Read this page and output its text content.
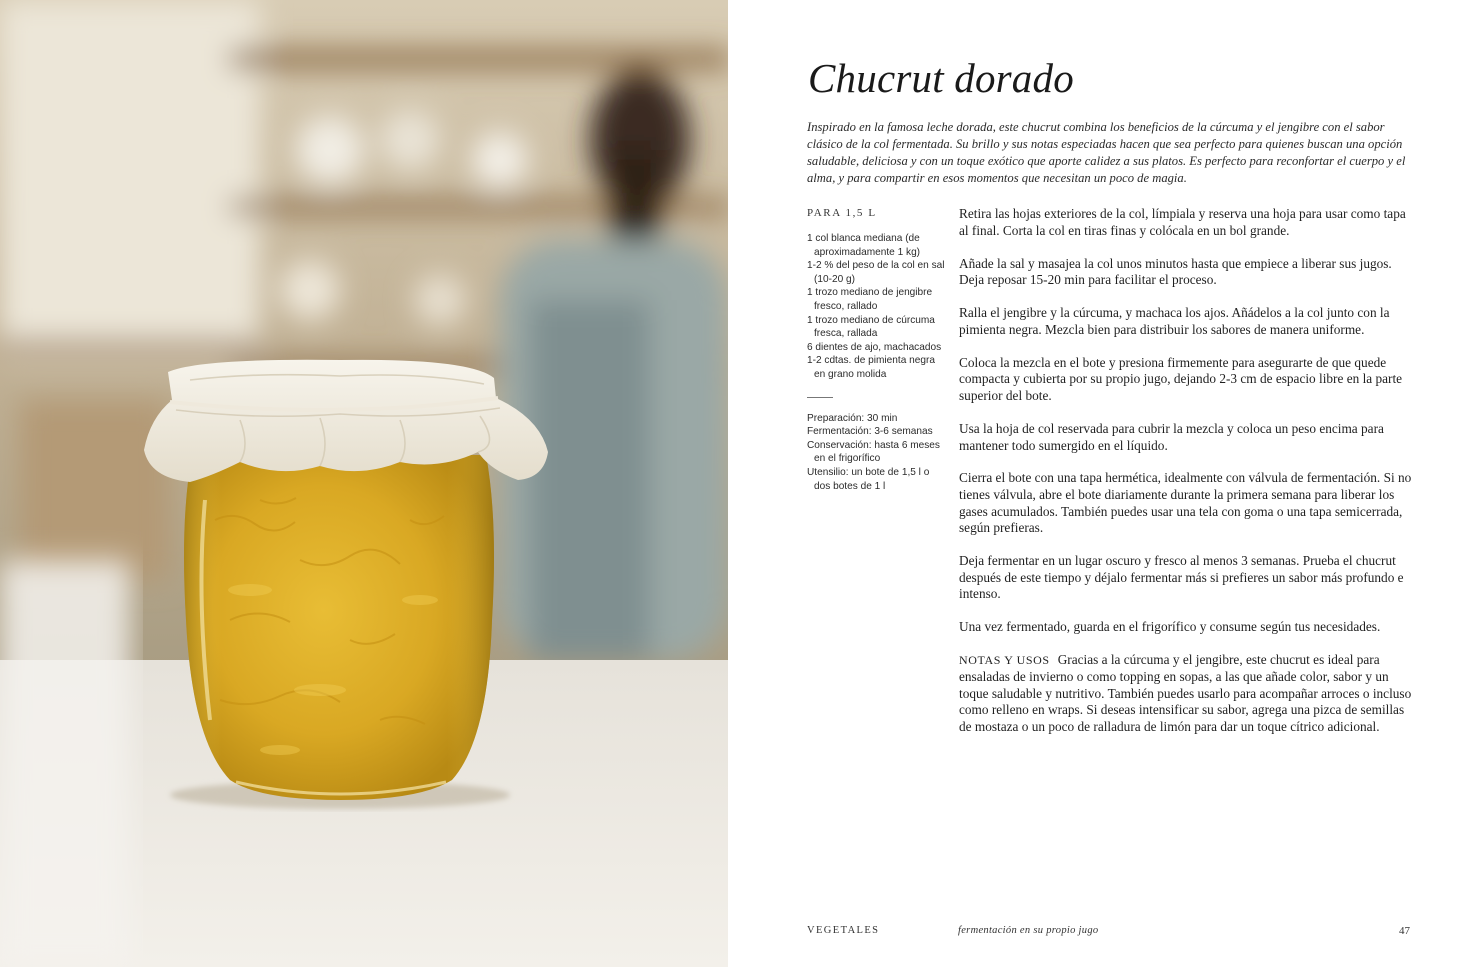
Chucrut dorado

Inspirado en la famosa leche dorada, este chucrut combina los beneficios de la cúrcuma y el jengibre con el sabor clásico de la col fermentada. Su brillo y sus notas especiadas hacen que sea perfecto para quienes buscan una opción saludable, deliciosa y con un toque exótico que aporte calidez a sus platos. Es perfecto para reconfortar el cuerpo y el alma, y para compartir en esos momentos que necesitan un poco de magia.

PARA 1,5 L

1 col blanca mediana (de aproximadamente 1 kg)
1-2 % del peso de la col en sal (10-20 g)
1 trozo mediano de jengibre fresco, rallado
1 trozo mediano de cúrcuma fresca, rallada
6 dientes de ajo, machacados
1-2 cdtas. de pimienta negra en grano molida
Preparación: 30 min
Fermentación: 3-6 semanas
Conservación: hasta 6 meses en el frigorífico
Utensilio: un bote de 1,5 l o dos botes de 1 l

Retira las hojas exteriores de la col, límpiala y reserva una hoja para usar como tapa al final. Corta la col en tiras finas y colócala en un bol grande.

Añade la sal y masajea la col unos minutos hasta que empiece a liberar sus jugos. Deja reposar 15-20 min para facilitar el proceso.

Ralla el jengibre y la cúrcuma, y machaca los ajos. Añádelos a la col junto con la pimienta negra. Mezcla bien para distribuir los sabores de manera uniforme.

Coloca la mezcla en el bote y presiona firmemente para asegurarte de que quede compacta y cubierta por su propio jugo, dejando 2-3 cm de espacio libre en la parte superior del bote.

Usa la hoja de col reservada para cubrir la mezcla y coloca un peso encima para mantener todo sumergido en el líquido.

Cierra el bote con una tapa hermética, idealmente con válvula de fermentación. Si no tienes válvula, abre el bote diariamente durante la primera semana para liberar los gases acumulados. También puedes usar una tela con goma o una tapa semicerrada, según prefieras.

Deja fermentar en un lugar oscuro y fresco al menos 3 semanas. Prueba el chucrut después de este tiempo y déjalo fermentar más si prefieres un sabor más profundo e intenso.

Una vez fermentado, guarda en el frigorífico y consume según tus necesidades.

NOTAS Y USOS Gracias a la cúrcuma y el jengibre, este chucrut es ideal para ensaladas de invierno o como topping en sopas, a las que añade color, sabor y un toque saludable y nutritivo. También puedes usarlo para acompañar arroces o incluso como relleno en wraps. Si deseas intensificar su sabor, agrega una pizca de semillas de mostaza o un poco de ralladura de limón para dar un toque cítrico adicional.

VEGETALES	fermentación en su propio jugo	47
